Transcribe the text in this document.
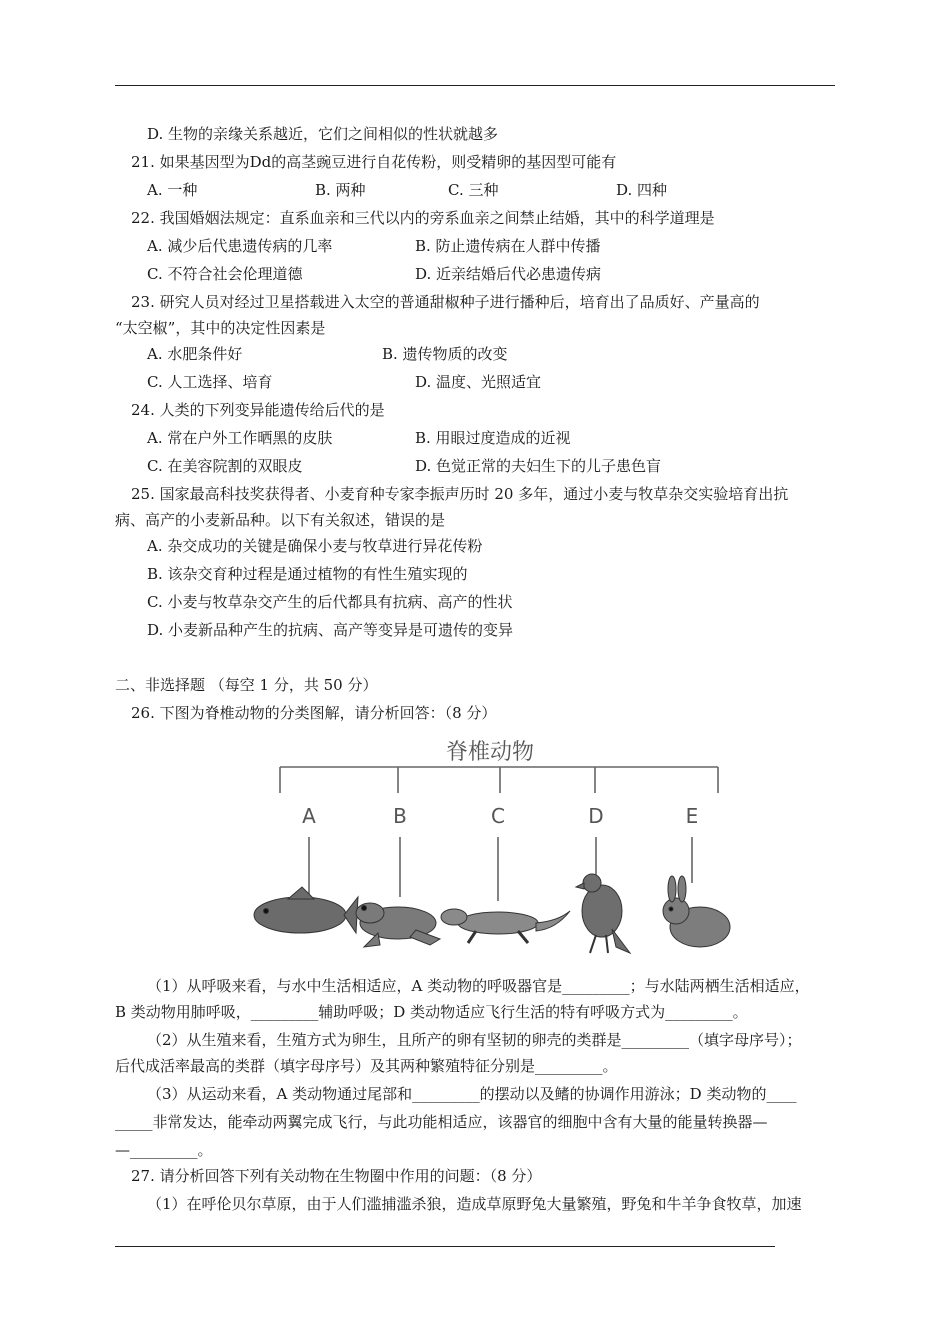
D. 生物的亲缘关系越近，它们之间相似的性状就越多
21. 如果基因型为Dd的高茎豌豆进行自花传粉，则受精卵的基因型可能有
A. 一种	B. 两种	C. 三种	D. 四种
22. 我国婚姻法规定：直系血亲和三代以内的旁系血亲之间禁止结婚，其中的科学道理是
A. 减少后代患遗传病的几率	B. 防止遗传病在人群中传播
C. 不符合社会伦理道德	D. 近亲结婚后代必患遗传病
23. 研究人员对经过卫星搭载进入太空的普通甜椒种子进行播种后，培育出了品质好、产量高的
“太空椒”，其中的决定性因素是
A. 水肥条件好	B. 遗传物质的改变
C. 人工选择、培育	D. 温度、光照适宜
24. 人类的下列变异能遗传给后代的是
A. 常在户外工作晒黑的皮肤	B. 用眼过度造成的近视
C. 在美容院割的双眼皮	D. 色觉正常的夫妇生下的儿子患色盲
25. 国家最高科技奖获得者、小麦育种专家李振声历时 20 多年，通过小麦与牧草杂交实验培育出抗
病、高产的小麦新品种。以下有关叙述，错误的是
A. 杂交成功的关键是确保小麦与牧草进行异花传粉
B. 该杂交育种过程是通过植物的有性生殖实现的
C. 小麦与牧草杂交产生的后代都具有抗病、高产的性状
D. 小麦新品种产生的抗病、高产等变异是可遗传的变异
二、非选择题 （每空 1 分，共 50 分）
26. 下图为脊椎动物的分类图解，请分析回答：（8 分）
脊椎动物
A	B	C	D	E
（1）从呼吸来看，与水中生活相适应，A 类动物的呼吸器官是_________；与水陆两栖生活相适应，
B 类动物用肺呼吸，_________辅助呼吸；D 类动物适应飞行生活的特有呼吸方式为_________。
（2）从生殖来看，生殖方式为卵生，且所产的卵有坚韧的卵壳的类群是_________（填字母序号）；
后代成活率最高的类群（填字母序号）及其两种繁殖特征分别是_________。
（3）从运动来看，A 类动物通过尾部和_________的摆动以及鳍的协调作用游泳；D 类动物的____
_____非常发达，能牵动两翼完成飞行，与此功能相适应，该器官的细胞中含有大量的能量转换器—
—_________。
27. 请分析回答下列有关动物在生物圈中作用的问题：（8 分）
（1）在呼伦贝尔草原，由于人们滥捕滥杀狼，造成草原野兔大量繁殖，野兔和牛羊争食牧草，加速
